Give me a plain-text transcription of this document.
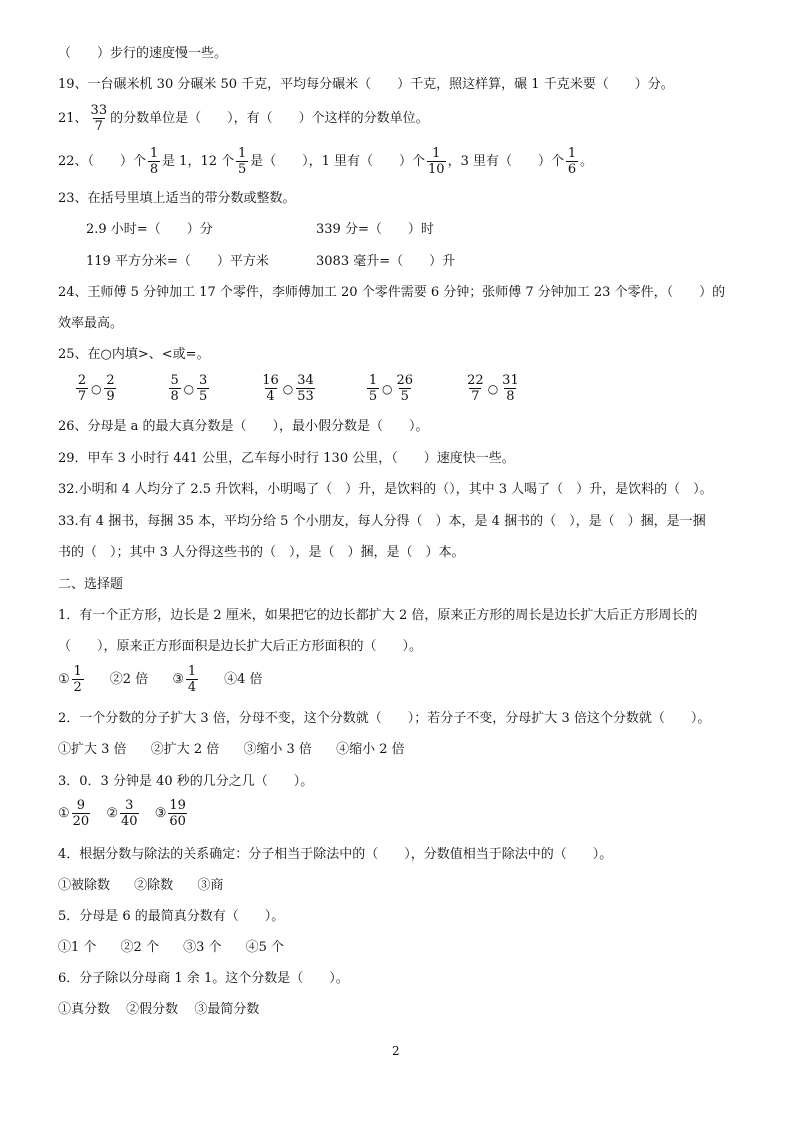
（　　）步行的速度慢一些。
19、一台碾米机 30 分碾米 50 千克，平均每分碾米（　　）千克，照这样算，碾 1 千克米要（　　）分。
21、 $\frac{33}{7}$ 的分数单位是（　　），有（　　）个这样的分数单位。
22、（　　）个 $\frac{1}{8}$ 是 1，12 个 $\frac{1}{5}$ 是（　　），1 里有（　　）个 $\frac{1}{10}$ ，3 里有（　　）个 $\frac{1}{6}$ 。
23、在括号里填上适当的带分数或整数。
2.9 小时=（　　）分	339 分=（　　）时
119 平方分米=（　　）平方米	3083 毫升=（　　）升
24、王师傅 5 分钟加工 17 个零件，李师傅加工 20 个零件需要 6 分钟；张师傅 7 分钟加工 23 个零件，（　　）的
效率最高。
25、在○内填>、<或=。
$\frac{2}{7}$ ○ $\frac{2}{9}$
	$\frac{5}{8}$ ○ $\frac{3}{5}$
	$\frac{16}{4}$ ○ $\frac{34}{53}$
	$\frac{1}{5}$ ○ $\frac{26}{5}$
	$\frac{22}{7}$ ○ $\frac{31}{8}$
26、分母是 a 的最大真分数是（　　），最小假分数是（　　）。
29．甲车 3 小时行 441 公里，乙车每小时行 130 公里，（　　）速度快一些。
32.小明和 4 人均分了 2.5 升饮料，小明喝了（　）升，是饮料的（），其中 3 人喝了（　）升，是饮料的（　）。
33.有 4 捆书，每捆 35 本，平均分给 5 个小朋友，每人分得（　）本，是 4 捆书的（　），是（　）捆，是一捆
书的（　）；其中 3 人分得这些书的（　），是（　）捆，是（　）本。
二、选择题
1．有一个正方形，边长是 2 厘米，如果把它的边长都扩大 2 倍，原来正方形的周长是边长扩大后正方形周长的
（　　），原来正方形面积是边长扩大后正方形面积的（　　）。
① $\frac{1}{2}$ ②2 倍 ③ $\frac{1}{4}$ ④4 倍
2．一个分数的分子扩大 3 倍，分母不变，这个分数就（　　）；若分子不变，分母扩大 3 倍这个分数就（　　）。
①扩大 3 倍 ②扩大 2 倍 ③缩小 3 倍 ④缩小 2 倍
3．0．3 分钟是 40 秒的几分之几（　　）。
① $\frac{9}{20}$ ② $\frac{3}{40}$ ③ $\frac{19}{60}$
4．根据分数与除法的关系确定：分子相当于除法中的（　　），分数值相当于除法中的（　　）。
①被除数 ②除数 ③商
5．分母是 6 的最简真分数有（　　）。
①1 个 ②2 个 ③3 个 ④5 个
6．分子除以分母商 1 余 1。这个分数是（　　）。
①真分数 ②假分数 ③最简分数
2
